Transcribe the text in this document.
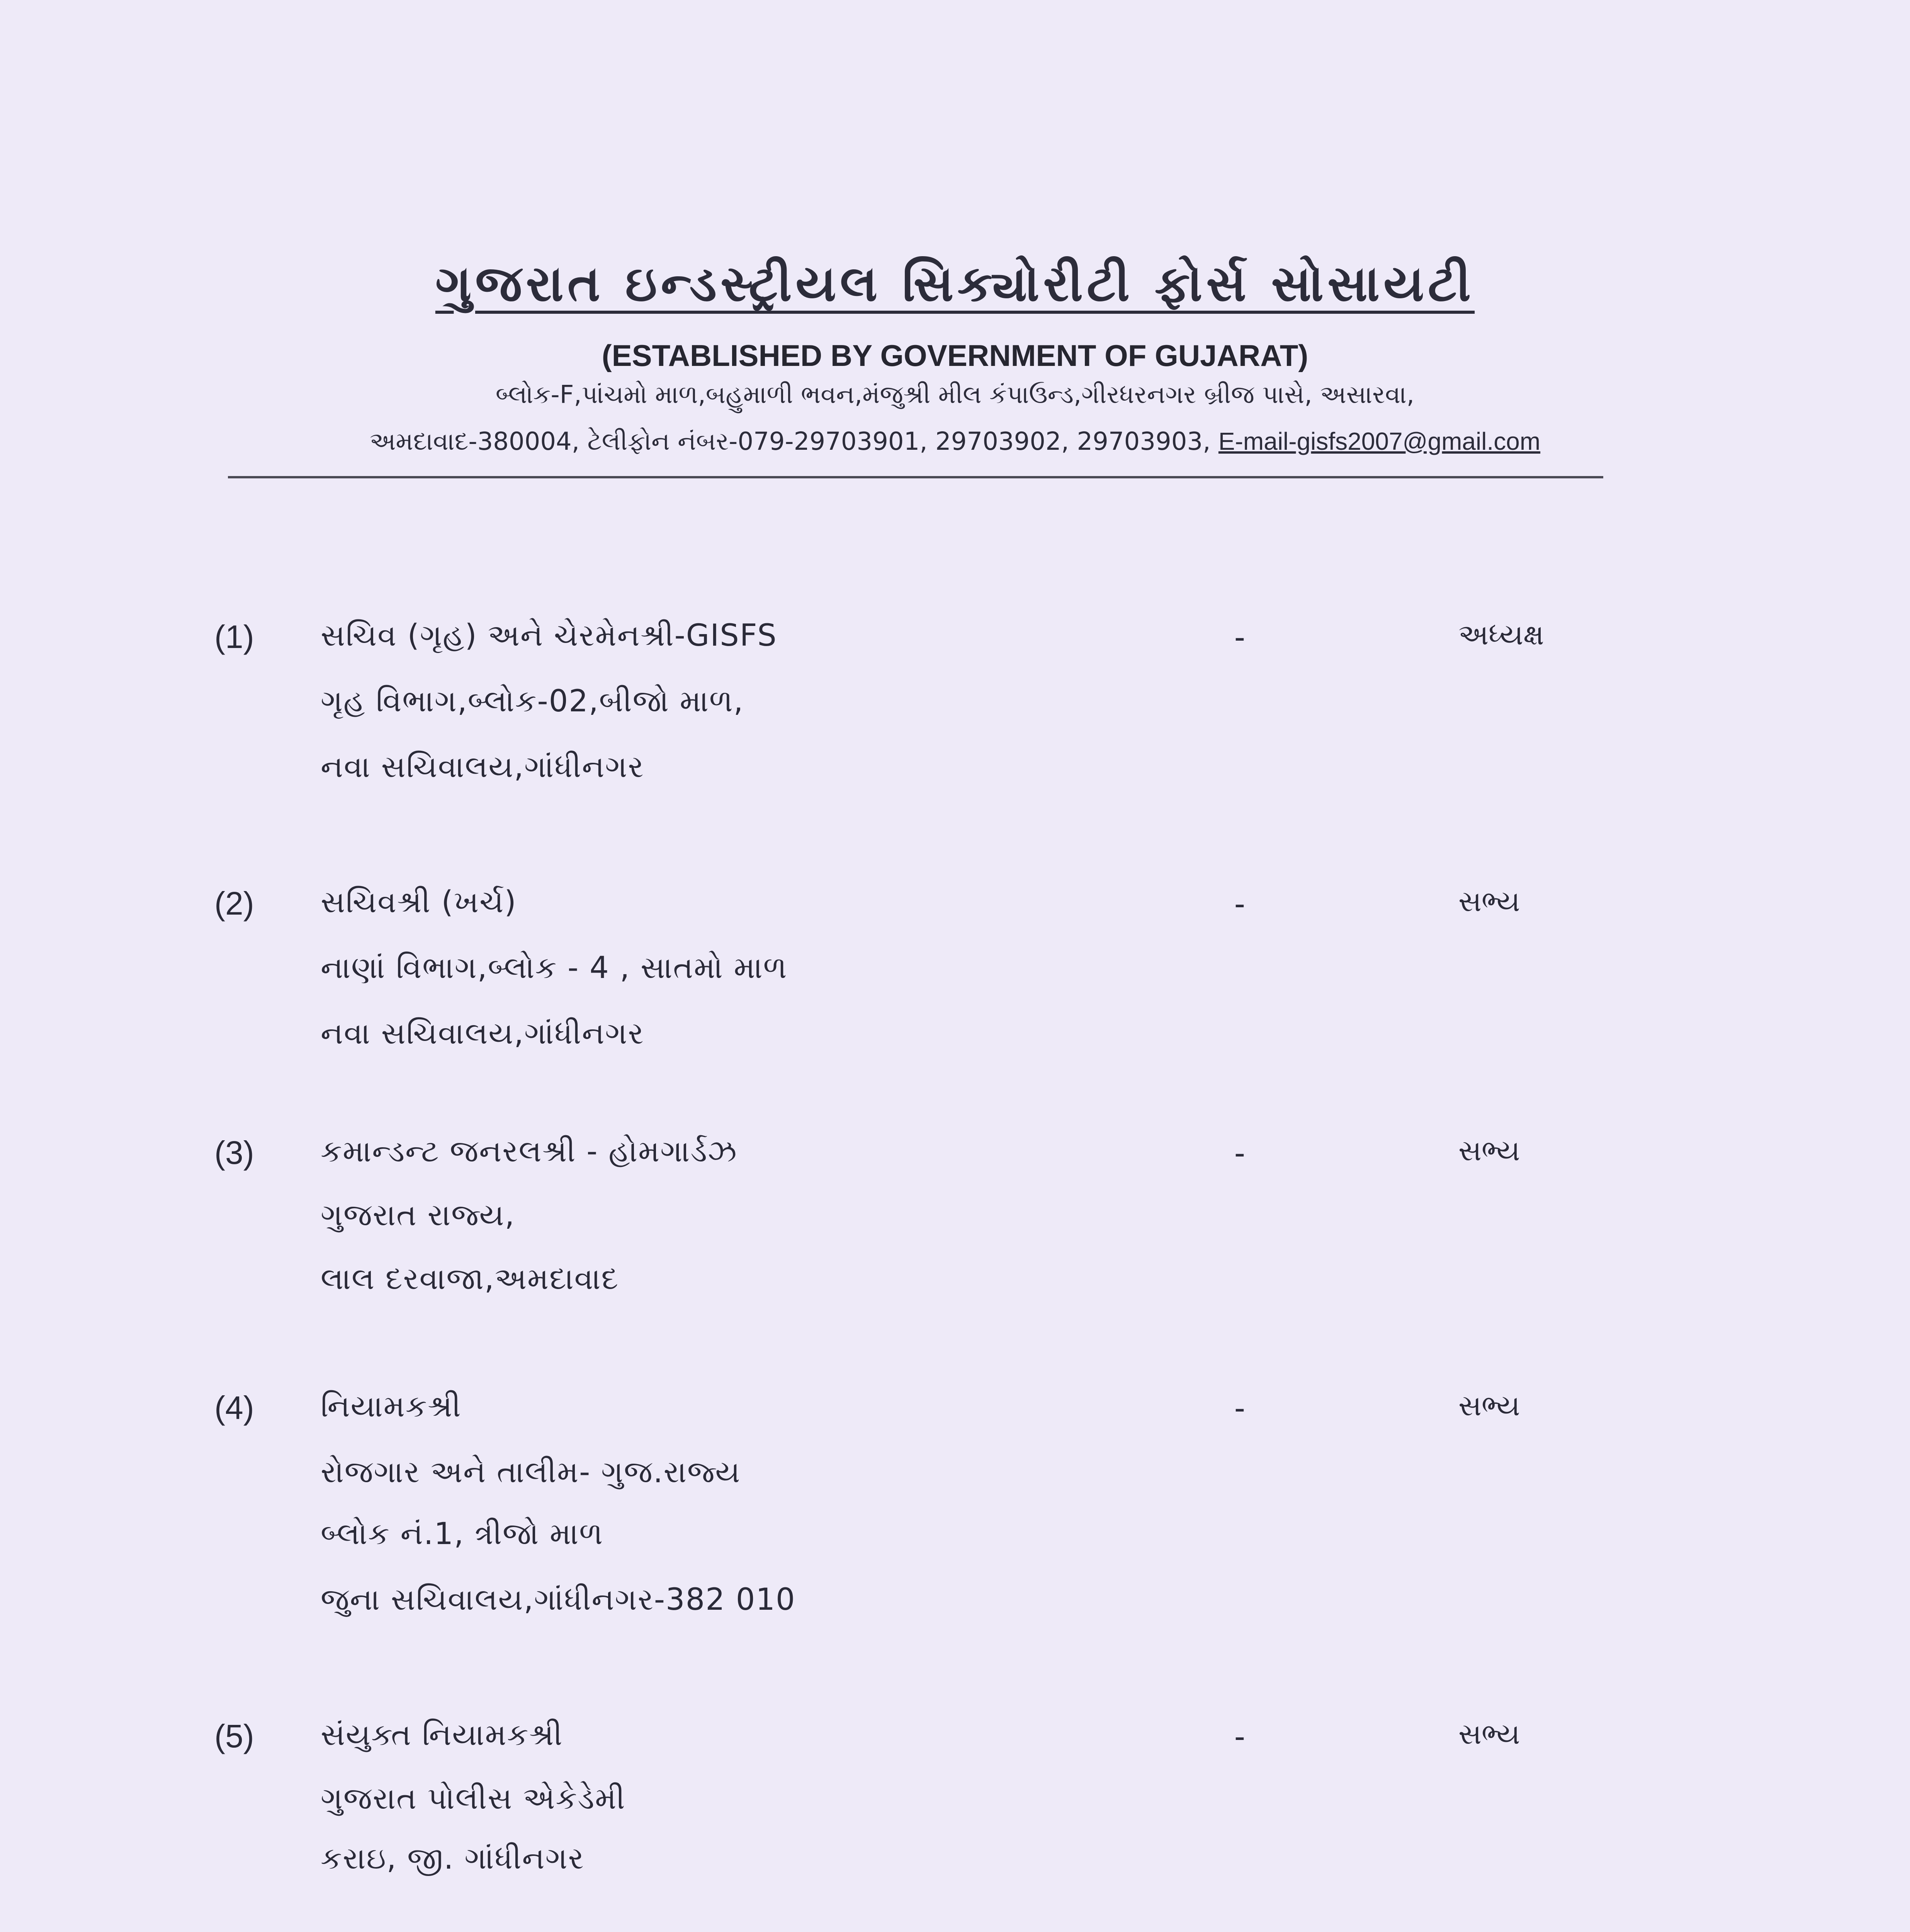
ગુજરાત ઇન્ડસ્ટ્રીયલ સિક્યોરીટી ફોર્સ સોસાયટી
(ESTABLISHED BY GOVERNMENT OF GUJARAT)
બ્લોક-F,પાંચમો માળ,બહુમાળી ભવન,મંજુશ્રી મીલ કંપાઉન્ડ,ગીરધરનગર બ્રીજ પાસે, અસારવા,
અમદાવાદ-380004, ટેલીફોન નંબર-079-29703901, 29703902, 29703903, E-mail-gisfs2007@gmail.com
(1) સચિવ (ગૃહ) અને ચેરમેનશ્રી-GISFS
ગૃહ વિભાગ,બ્લોક-02,બીજો માળ,
નવા સચિવાલય,ગાંધીનગર
-	અધ્યક્ષ
(2) સચિવશ્રી (ખર્ચ)
નાણાં વિભાગ,બ્લોક - 4 , સાતમો માળ
નવા સચિવાલય,ગાંધીનગર
-	સભ્ય
(3) કમાન્ડન્ટ જનરલશ્રી - હોમગાર્ડઝ
ગુજરાત રાજ્ય,
લાલ દરવાજા,અમદાવાદ
-	સભ્ય
(4) નિયામકશ્રી
રોજગાર અને તાલીમ- ગુજ.રાજ્ય
બ્લોક નં.1, ત્રીજો માળ
જુના સચિવાલય,ગાંધીનગર-382 010
-	સભ્ય
(5) સંયુક્ત નિયામકશ્રી
ગુજરાત પોલીસ એકેડેમી
કરાઇ, જી. ગાંધીનગર
-	સભ્ય
